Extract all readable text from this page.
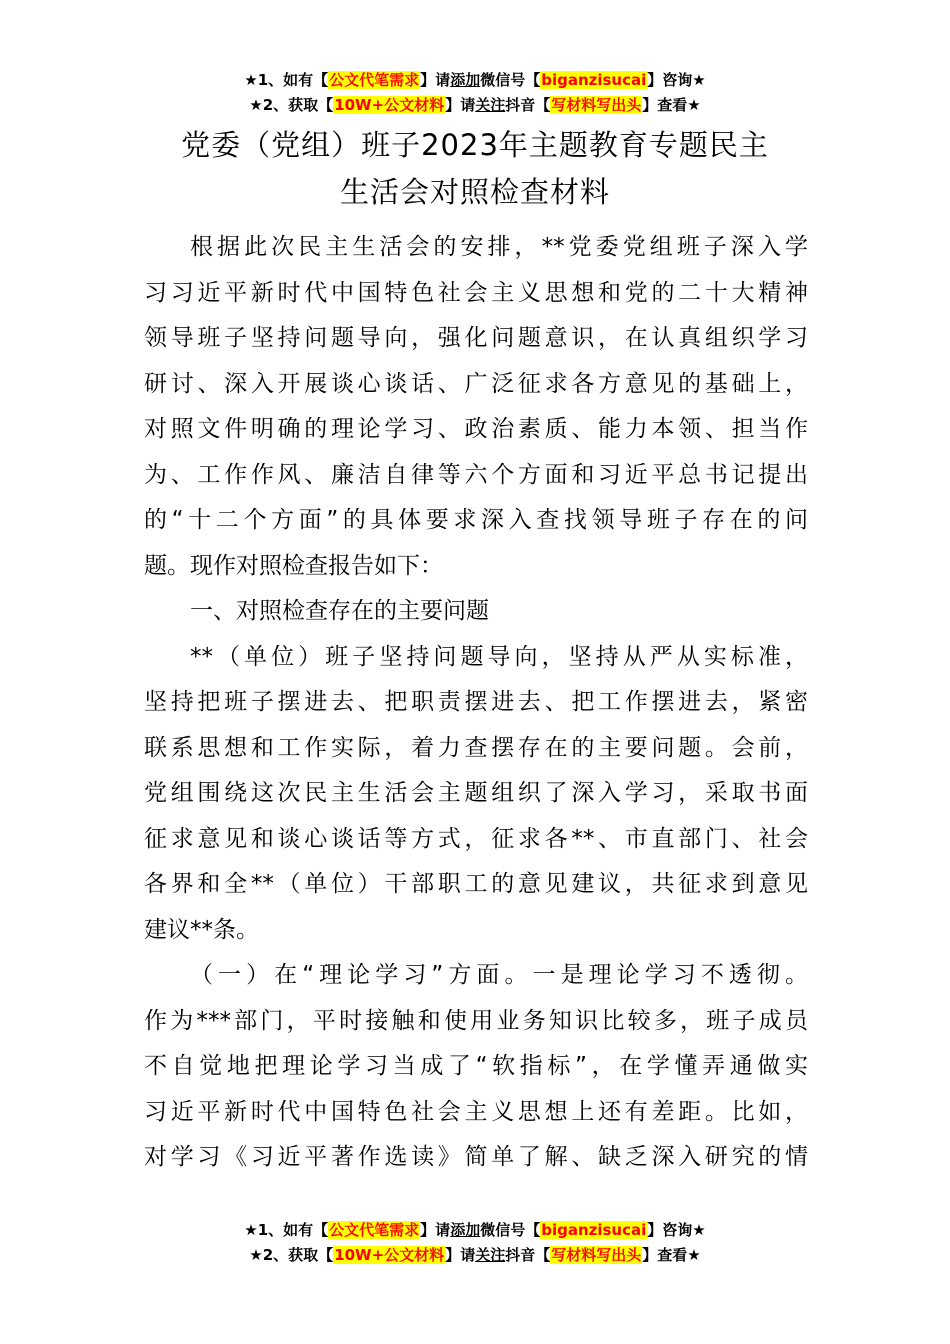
★1、如有【公文代笔需求】请添加微信号【biganzisucai】咨询★
★2、获取【10W+公文材料】请关注抖音【写材料写出头】查看★
党委（党组）班子2023年主题教育专题民主
生活会对照检查材料
根据此次民主生活会的安排，**党委党组班子深入学
习习近平新时代中国特色社会主义思想和党的二十大精神
领导班子坚持问题导向，强化问题意识，在认真组织学习
研讨、深入开展谈心谈话、广泛征求各方意见的基础上，
对照文件明确的理论学习、政治素质、能力本领、担当作
为、工作作风、廉洁自律等六个方面和习近平总书记提出
的“十二个方面”的具体要求深入查找领导班子存在的问
题。现作对照检查报告如下：
一、对照检查存在的主要问题
**（单位）班子坚持问题导向，坚持从严从实标准，
坚持把班子摆进去、把职责摆进去、把工作摆进去，紧密
联系思想和工作实际，着力查摆存在的主要问题。会前，
党组围绕这次民主生活会主题组织了深入学习，采取书面
征求意见和谈心谈话等方式，征求各**、市直部门、社会
各界和全**（单位）干部职工的意见建议，共征求到意见
建议**条。
（一）在“理论学习”方面。一是理论学习不透彻。
作为***部门，平时接触和使用业务知识比较多，班子成员
不自觉地把理论学习当成了“软指标”，在学懂弄通做实
习近平新时代中国特色社会主义思想上还有差距。比如，
对学习《习近平著作选读》简单了解、缺乏深入研究的情
★1、如有【公文代笔需求】请添加微信号【biganzisucai】咨询★
★2、获取【10W+公文材料】请关注抖音【写材料写出头】查看★
